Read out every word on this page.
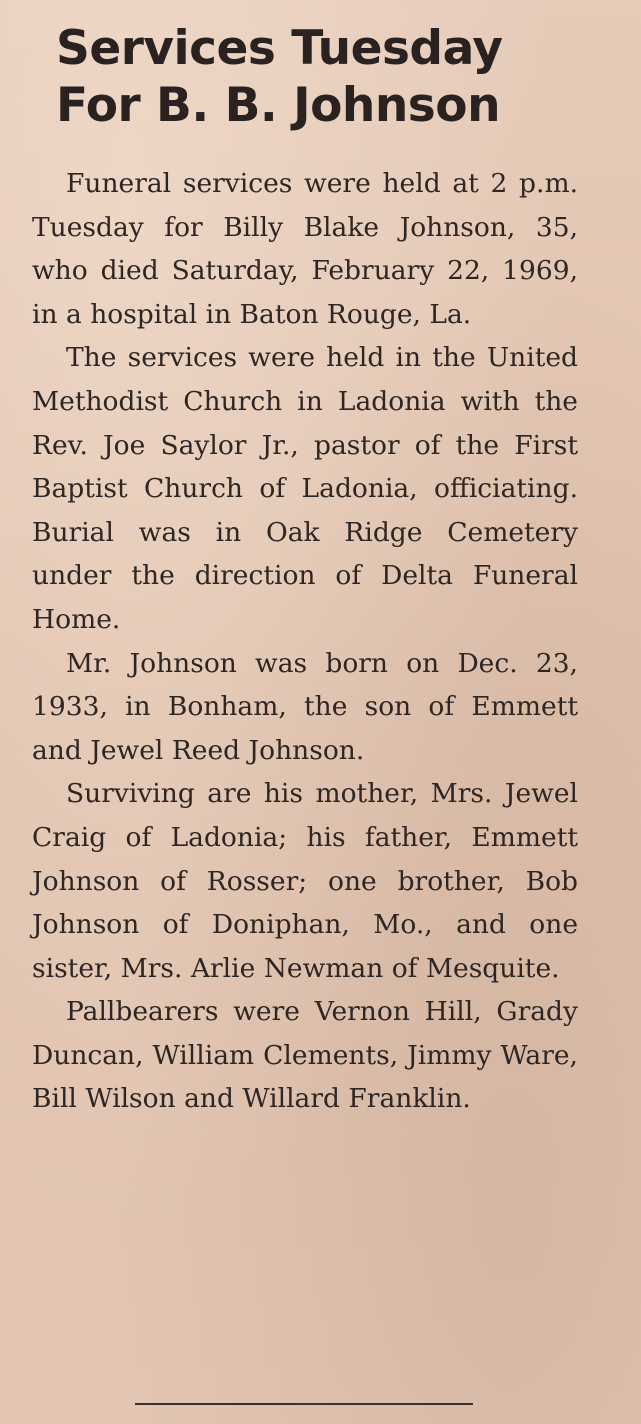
Services Tuesday
For B. B. Johnson

Funeral services were held at 2 p.m. Tuesday for Billy Blake Johnson, 35, who died Saturday, February 22, 1969, in a hospital in Baton Rouge, La.

The services were held in the United Methodist Church in Ladonia with the Rev. Joe Saylor Jr., pastor of the First Baptist Church of Ladonia, officiating. Burial was in Oak Ridge Cemetery under the direction of Delta Funeral Home.

Mr. Johnson was born on Dec. 23, 1933, in Bonham, the son of Emmett and Jewel Reed Johnson.

Surviving are his mother, Mrs. Jewel Craig of Ladonia; his father, Emmett Johnson of Rosser; one brother, Bob Johnson of Doniphan, Mo., and one sister, Mrs. Arlie Newman of Mesquite.

Pallbearers were Vernon Hill, Grady Duncan, William Clements, Jimmy Ware, Bill Wilson and Willard Franklin.
